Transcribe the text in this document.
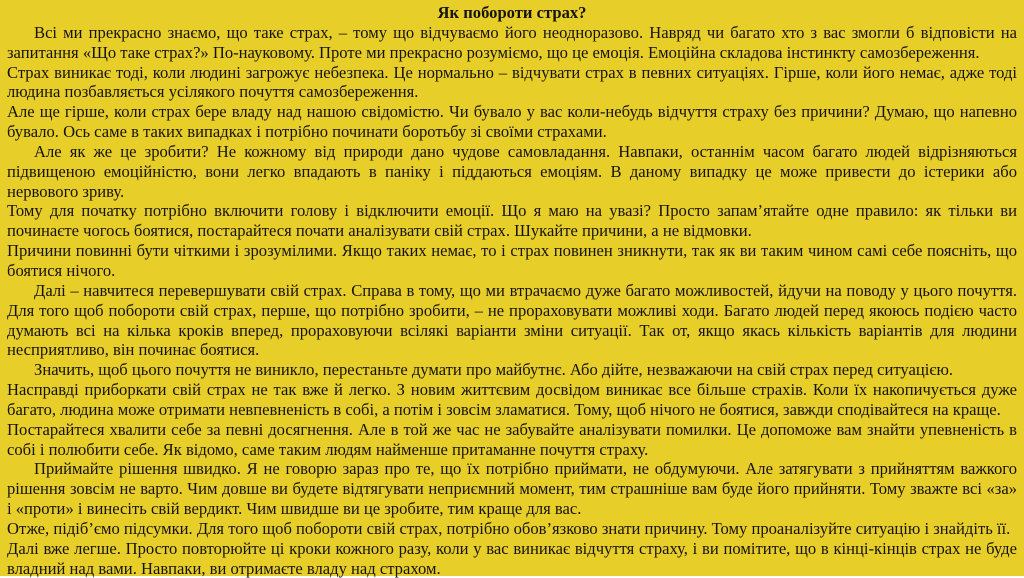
Як побороти страх?

Всі ми прекрасно знаємо, що таке страх, – тому що відчуваємо його неодноразово. Навряд чи багато хто з вас змогли б відповісти на запитання «Що таке страх?» По-науковому. Проте ми прекрасно розуміємо, що це емоція. Емоційна складова інстинкту самозбереження.

Страх виникає тоді, коли людині загрожує небезпека. Це нормально – відчувати страх в певних ситуаціях. Гірше, коли його немає, адже тоді людина позбавляється усілякого почуття самозбереження.

Але ще гірше, коли страх бере владу над нашою свідомістю. Чи бувало у вас коли-небудь відчуття страху без причини? Думаю, що напевно бувало. Ось саме в таких випадках і потрібно починати боротьбу зі своїми страхами.

Але як же це зробити? Не кожному від природи дано чудове самовладання. Навпаки, останнім часом багато людей відрізняються підвищеною емоційністю, вони легко впадають в паніку і піддаються емоціям. В даному випадку це може привести до істерики або нервового зриву.

Тому для початку потрібно включити голову і відключити емоції. Що я маю на увазі? Просто запам’ятайте одне правило: як тільки ви починаєте чогось боятися, постарайтеся почати аналізувати свій страх. Шукайте причини, а не відмовки.

Причини повинні бути чіткими і зрозумілими. Якщо таких немає, то і страх повинен зникнути, так як ви таким чином самі себе поясніть, що боятися нічого.

Далі – навчитеся перевершувати свій страх. Справа в тому, що ми втрачаємо дуже багато можливостей, йдучи на поводу у цього почуття. Для того щоб побороти свій страх, перше, що потрібно зробити, – не прораховувати можливі ходи. Багато людей перед якоюсь подією часто думають всі на кілька кроків вперед, прораховуючи всілякі варіанти зміни ситуації. Так от, якщо якась кількість варіантів для людини несприятливо, він починає боятися.

Значить, щоб цього почуття не виникло, перестаньте думати про майбутнє. Або дійте, незважаючи на свій страх перед ситуацією.

Насправді приборкати свій страх не так вже й легко. З новим життєвим досвідом виникає все більше страхів. Коли їх накопичується дуже багато, людина може отримати невпевненість в собі, а потім і зовсім зламатися. Тому, щоб нічого не боятися, завжди сподівайтеся на краще.

Постарайтеся хвалити себе за певні досягнення. Але в той же час не забувайте аналізувати помилки. Це допоможе вам знайти упевненість в собі і полюбити себе. Як відомо, саме таким людям найменше притаманне почуття страху.

Приймайте рішення швидко. Я не говорю зараз про те, що їх потрібно приймати, не обдумуючи. Але затягувати з прийняттям важкого рішення зовсім не варто. Чим довше ви будете відтягувати неприємний момент, тим страшніше вам буде його прийняти. Тому зважте всі «за» і «проти» і винесіть свій вердикт. Чим швидше ви це зробите, тим краще для вас.

Отже, підіб’ємо підсумки. Для того щоб побороти свій страх, потрібно обов’язково знати причину. Тому проаналізуйте ситуацію і знайдіть її.

Далі вже легше. Просто повторюйте ці кроки кожного разу, коли у вас виникає відчуття страху, і ви помітите, що в кінці-кінців страх не буде владний над вами. Навпаки, ви отримаєте владу над страхом.
